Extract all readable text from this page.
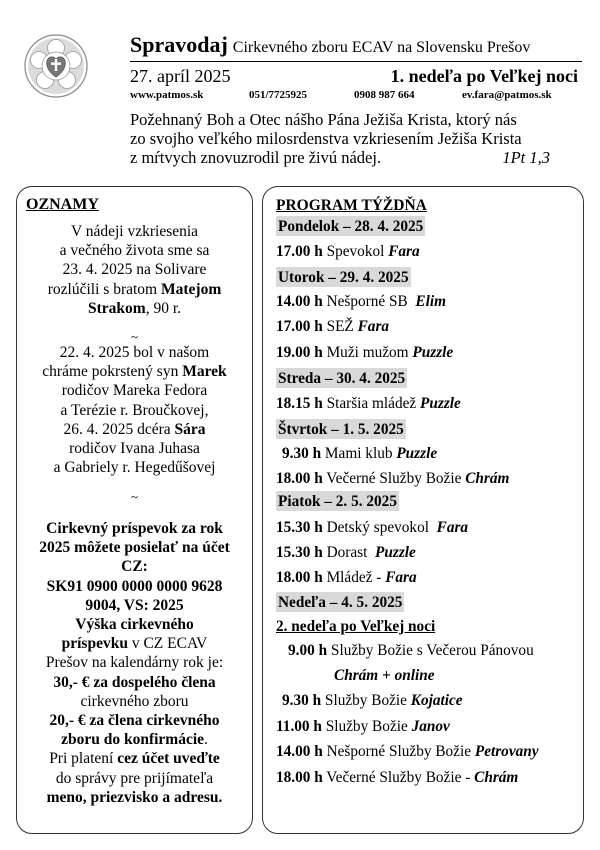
Spravodaj Cirkevného zboru ECAV na Slovensku Prešov
27. apríl 2025	1. nedeľa po Veľkej noci
www.patmos.sk	051/7725925	0908 987 664	ev.fara@patmos.sk
Požehnaný Boh a Otec nášho Pána Ježiša Krista, ktorý nás
zo svojho veľkého milosrdenstva vzkriesením Ježiša Krista
z mŕtvych znovuzrodil pre živú nádej.	1Pt 1,3
OZNAMY
V nádeji vzkriesenia
a večného života sme sa
23. 4. 2025 na Solivare
rozlúčili s bratom Matejom
Strakom, 90 r.
~
22. 4. 2025 bol v našom
chráme pokrstený syn Marek
rodičov Mareka Fedora
a Terézie r. Broučkovej,
26. 4. 2025 dcéra Sára
rodičov Ivana Juhasa
a Gabriely r. Hegedűšovej
~
Cirkevný príspevok za rok
2025 môžete posielať na účet
CZ:
SK91 0900 0000 0000 9628
9004, VS: 2025
Výška cirkevného
príspevku v CZ ECAV
Prešov na kalendárny rok je:
30,- € za dospelého člena
cirkevného zboru
20,- € za člena cirkevného
zboru do konfirmácie.
Pri platení cez účet uveďte
do správy pre prijímateľa
meno, priezvisko a adresu.
PROGRAM TÝŽDŇA
Pondelok – 28. 4. 2025
17.00 h Spevokol Fara
Utorok – 29. 4. 2025
14.00 h Nešporné SB  Elim
17.00 h SEŽ Fara
19.00 h Muži mužom Puzzle
Streda – 30. 4. 2025
18.15 h Staršia mládež Puzzle
Štvrtok – 1. 5. 2025
9.30 h Mami klub Puzzle
18.00 h Večerné Služby Božie Chrám
Piatok – 2. 5. 2025
15.30 h Detský spevokol  Fara
15.30 h Dorast  Puzzle
18.00 h Mládež - Fara
Nedeľa – 4. 5. 2025
2. nedeľa po Veľkej noci
9.00 h Služby Božie s Večerou Pánovou
Chrám + online
9.30 h Služby Božie Kojatice
11.00 h Služby Božie Janov
14.00 h Nešporné Služby Božie Petrovany
18.00 h Večerné Služby Božie - Chrám
